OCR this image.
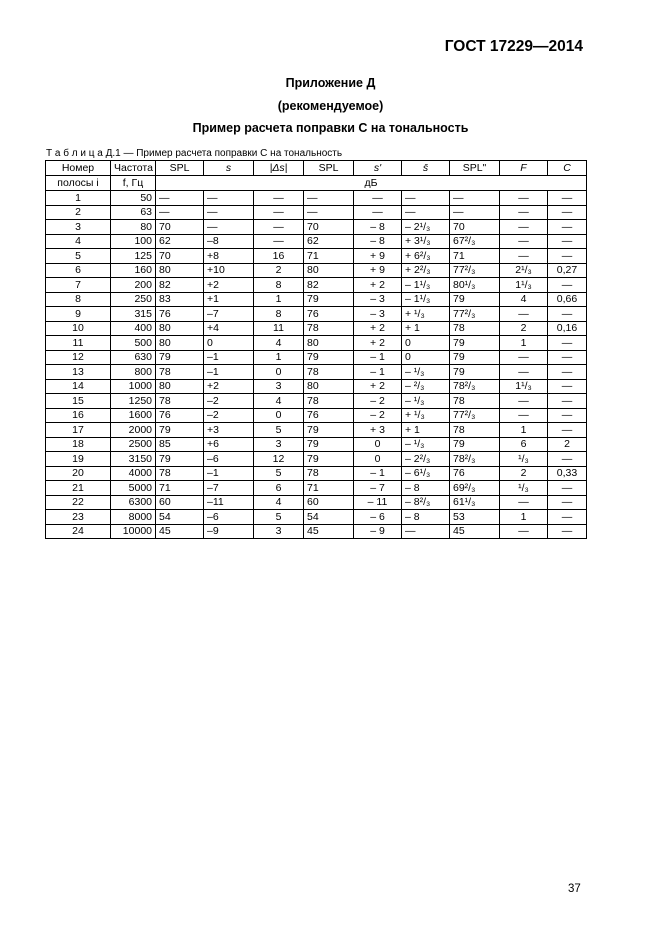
ГОСТ 17229—2014
Приложение Д
(рекомендуемое)
Пример расчета поправки С на тональность
Т а б л и ц а Д.1 — Пример расчета поправки С на тональность
Номер	Частота	SPL	s	|Δs|	SPL	s'	s̄	SPL"	F	C
полосы i	f, Гц	дБ								
1	50	—	—	—	—	—	—	—	—	—
2	63	—	—	—	—	—	—	—	—	—
3	80	70	—	—	70	– 8	– 2¹/₃	70	—	—
4	100	62	–8	—	62	– 8	+ 3¹/₃	67²/₃	—	—
5	125	70	+8	16	71	+ 9	+ 6²/₃	71	—	—
6	160	80	+10	2	80	+ 9	+ 2²/₃	77²/₃	2¹/₃	0,27
7	200	82	+2	8	82	+ 2	– 1¹/₃	80¹/₃	1¹/₃	—
8	250	83	+1	1	79	– 3	– 1¹/₃	79	4	0,66
9	315	76	–7	8	76	– 3	+ ¹/₃	77²/₃	—	—
10	400	80	+4	11	78	+ 2	+ 1	78	2	0,16
11	500	80	0	4	80	+ 2	0	79	1	—
12	630	79	–1	1	79	– 1	0	79	—	—
13	800	78	–1	0	78	– 1	– ¹/₃	79	—	—
14	1000	80	+2	3	80	+ 2	– ²/₃	78²/₃	1¹/₃	—
15	1250	78	–2	4	78	– 2	– ¹/₃	78	—	—
16	1600	76	–2	0	76	– 2	+ ¹/₃	77²/₃	—	—
17	2000	79	+3	5	79	+ 3	+ 1	78	1	—
18	2500	85	+6	3	79	0	– ¹/₃	79	6	2
19	3150	79	–6	12	79	0	– 2²/₃	78²/₃	¹/₃	—
20	4000	78	–1	5	78	– 1	– 6¹/₃	76	2	0,33
21	5000	71	–7	6	71	– 7	– 8	69²/₃	¹/₃	—
22	6300	60	–11	4	60	– 11	– 8²/₃	61¹/₃	—	—
23	8000	54	–6	5	54	– 6	– 8	53	1	—
24	10000	45	–9	3	45	– 9	—	45	—	—
37
